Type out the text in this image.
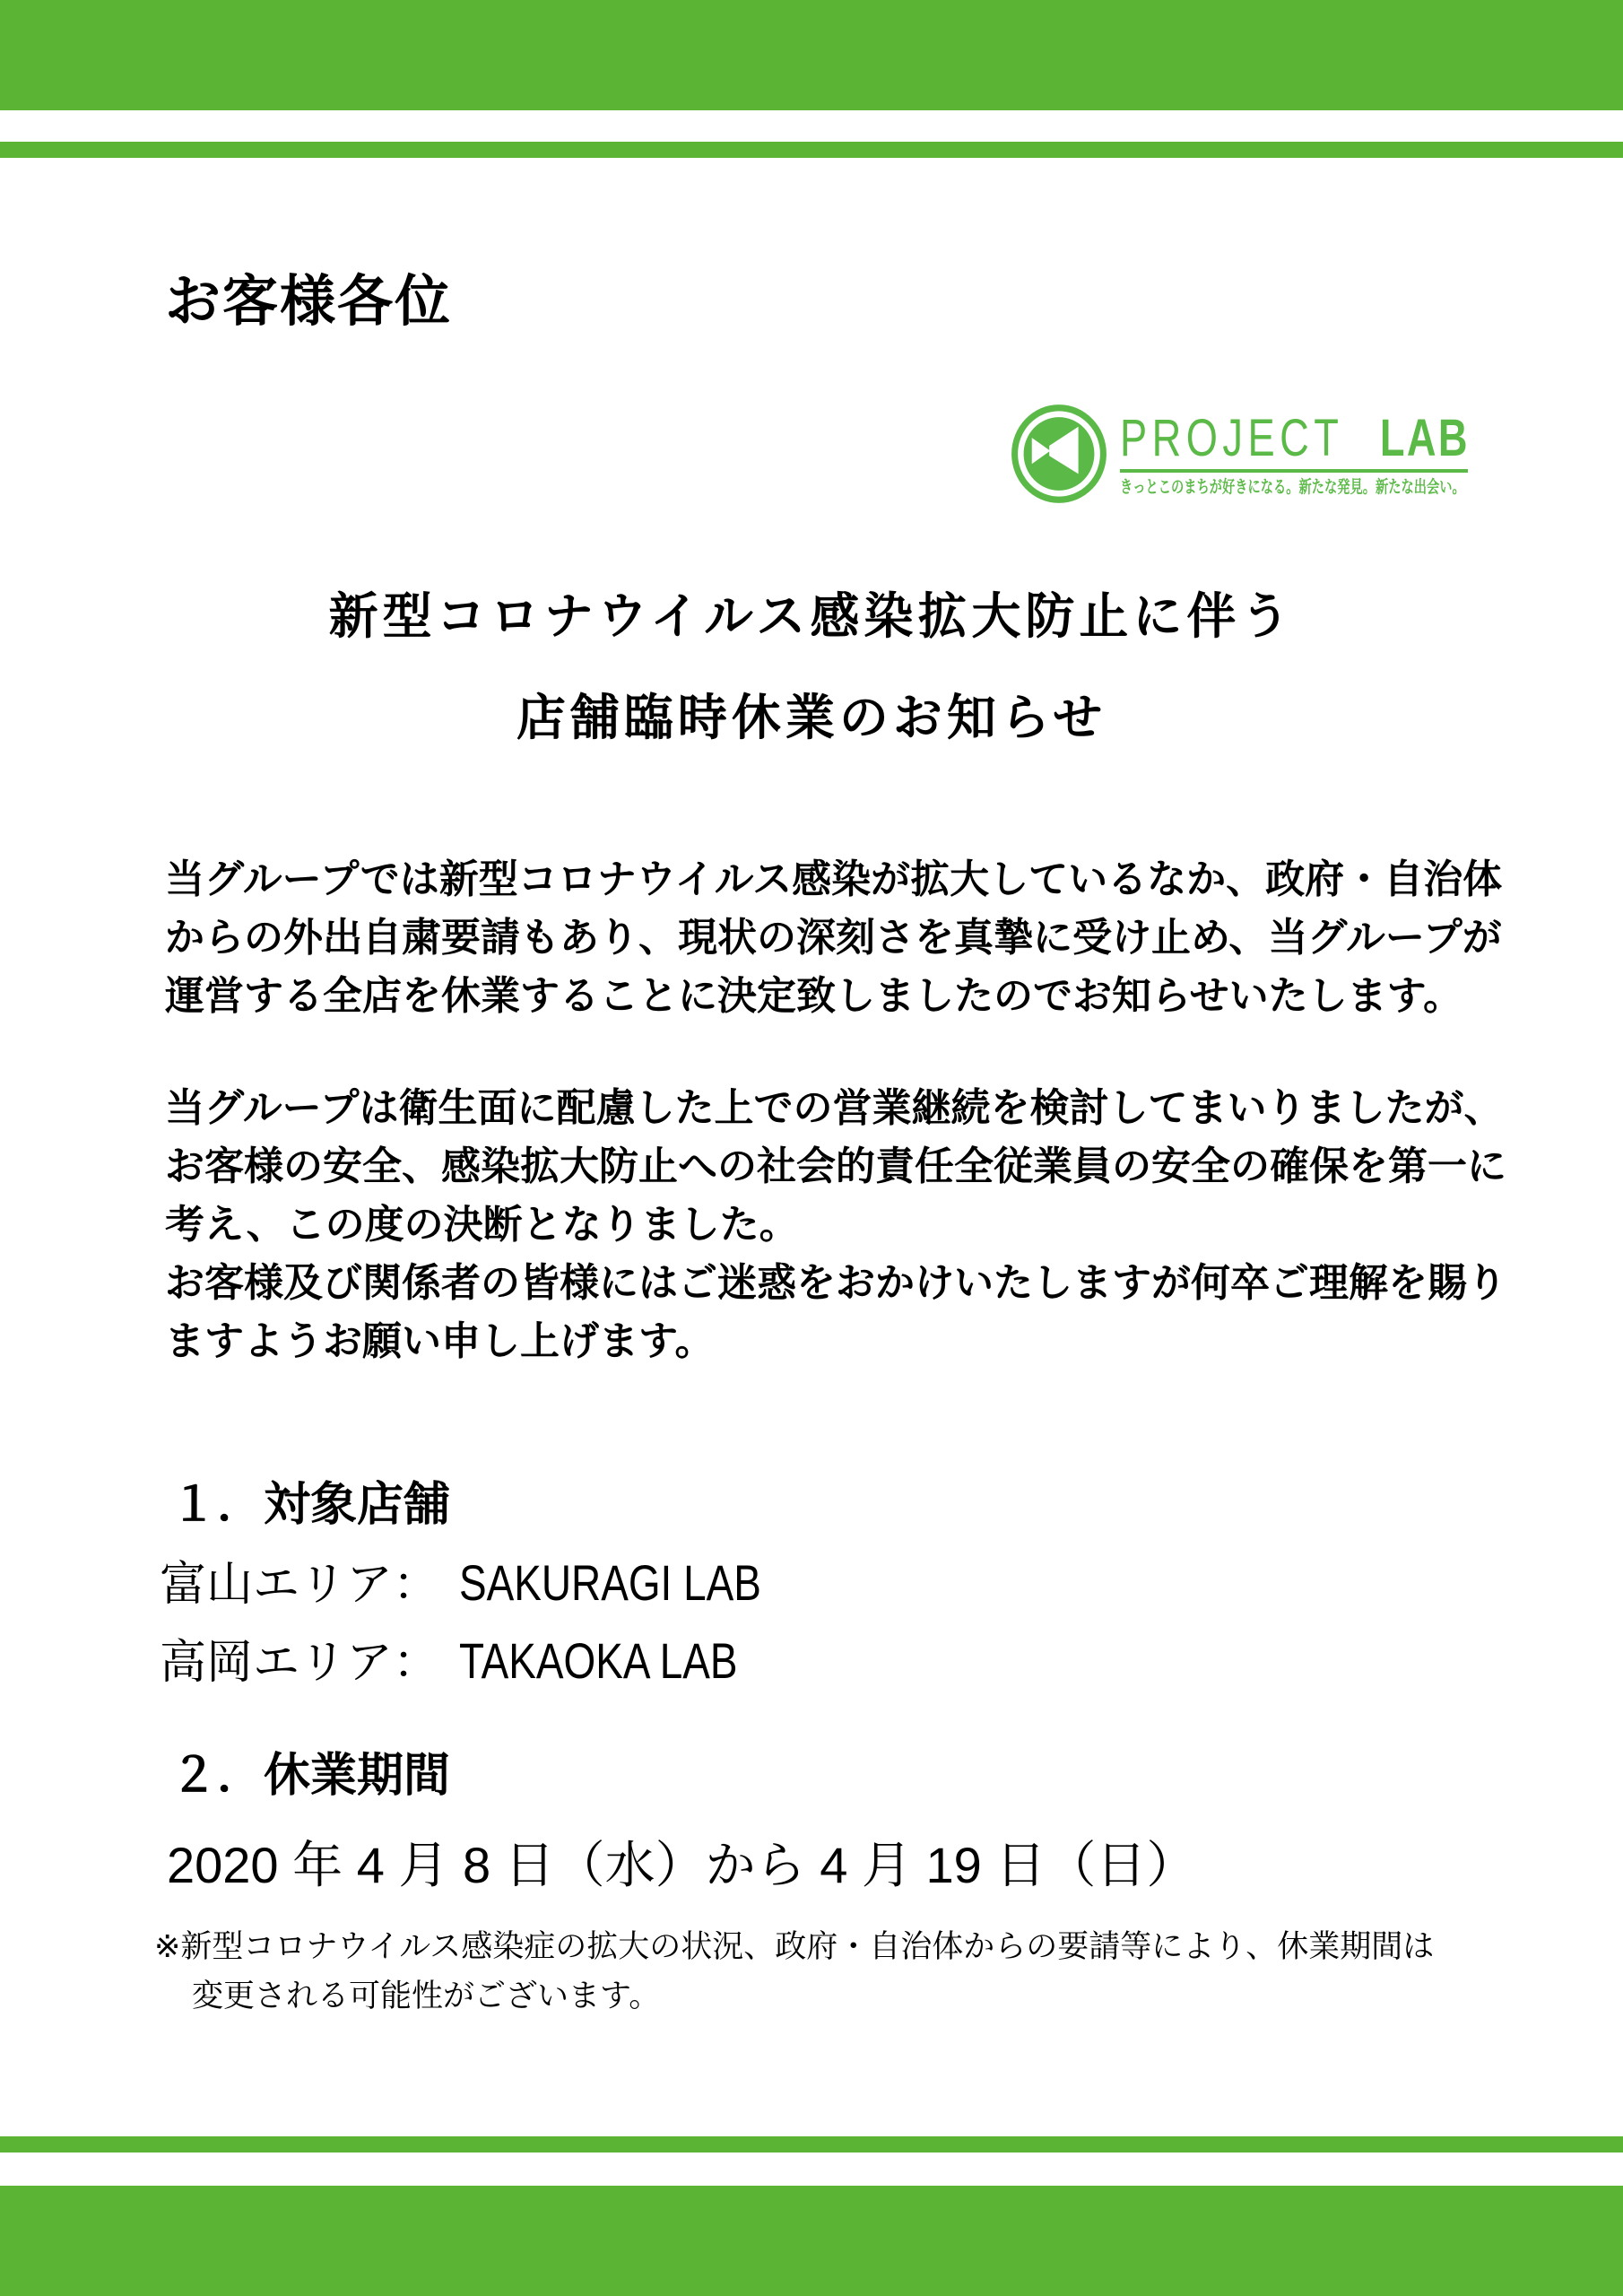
お客様各位
PROJECT LAB
きっとこのまちが好きになる。新たな発見。新たな出会い。
新型コロナウイルス感染拡大防止に伴う
店舗臨時休業のお知らせ
当グループでは新型コロナウイルス感染が拡大しているなか、政府・自治体
からの外出自粛要請もあり、現状の深刻さを真摯に受け止め、当グループが
運営する全店を休業することに決定致しましたのでお知らせいたします。
当グループは衛生面に配慮した上での営業継続を検討してまいりましたが、
お客様の安全、感染拡大防止への社会的責任全従業員の安全の確保を第一に
考え、この度の決断となりました。
お客様及び関係者の皆様にはご迷惑をおかけいたしますが何卒ご理解を賜り
ますようお願い申し上げます。
１．対象店舗
富山エリア： SAKURAGI LAB
高岡エリア： TAKAOKA LAB
２．休業期間
2020 年 4 月 8 日（水）から 4 月 19 日（日）
※新型コロナウイルス感染症の拡大の状況、政府・自治体からの要請等により、休業期間は
変更される可能性がございます。
